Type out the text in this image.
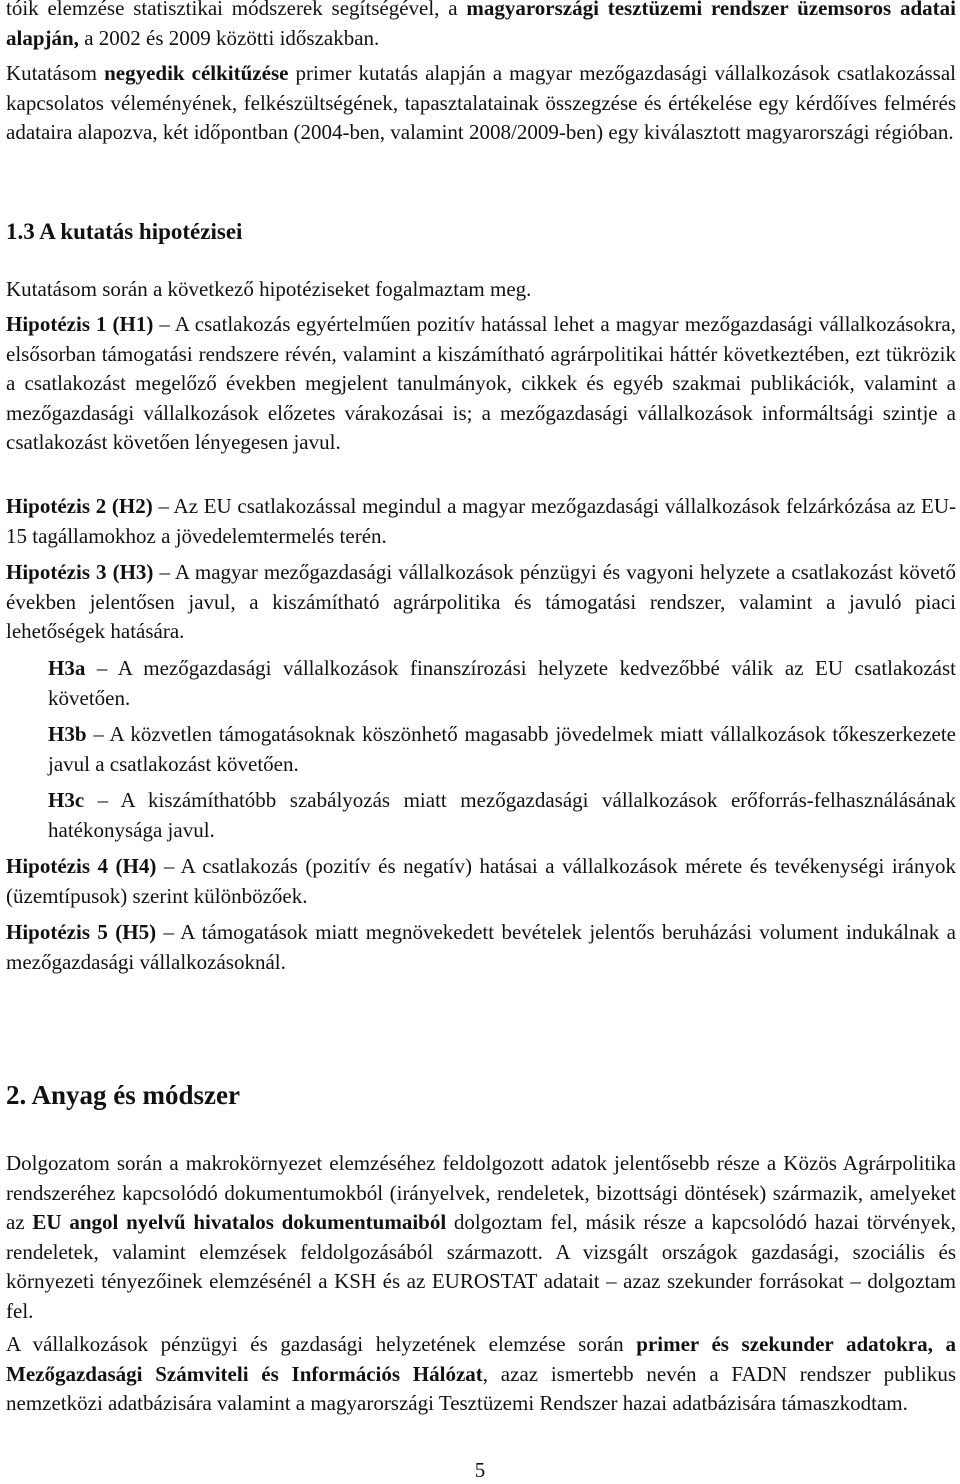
tóik elemzése statisztikai módszerek segítségével, a magyarországi tesztüzemi rendszer üzemsoros adatai alapján, a 2002 és 2009 közötti időszakban.

Kutatásom negyedik célkitűzése primer kutatás alapján a magyar mezőgazdasági vállalkozások csatlakozással kapcsolatos véleményének, felkészültségének, tapasztalatainak összegzése és értékelése egy kérdőíves felmérés adataira alapozva, két időpontban (2004-ben, valamint 2008/2009-ben) egy kiválasztott magyarországi régióban.

1.3 A kutatás hipotézisei

Kutatásom során a következő hipotéziseket fogalmaztam meg.

Hipotézis 1 (H1) – A csatlakozás egyértelműen pozitív hatással lehet a magyar mezőgazdasági vállalkozásokra, elsősorban támogatási rendszere révén, valamint a kiszámítható agrárpolitikai háttér következtében, ezt tükrözik a csatlakozást megelőző években megjelent tanulmányok, cikkek és egyéb szakmai publikációk, valamint a mezőgazdasági vállalkozások előzetes várakozásai is; a mezőgazdasági vállalkozások informáltsági szintje a csatlakozást követően lényegesen javul.

Hipotézis 2 (H2) – Az EU csatlakozással megindul a magyar mezőgazdasági vállalkozások felzárkózása az EU-15 tagállamokhoz a jövedelemtermelés terén.

Hipotézis 3 (H3) – A magyar mezőgazdasági vállalkozások pénzügyi és vagyoni helyzete a csatlakozást követő években jelentősen javul, a kiszámítható agrárpolitika és támogatási rendszer, valamint a javuló piaci lehetőségek hatására.

H3a – A mezőgazdasági vállalkozások finanszírozási helyzete kedvezőbbé válik az EU csatlakozást követően.

H3b – A közvetlen támogatásoknak köszönhető magasabb jövedelmek miatt vállalkozások tőkeszerkezete javul a csatlakozást követően.

H3c – A kiszámíthatóbb szabályozás miatt mezőgazdasági vállalkozások erőforrás-felhasználásának hatékonysága javul.

Hipotézis 4 (H4) – A csatlakozás (pozitív és negatív) hatásai a vállalkozások mérete és tevékenységi irányok (üzemtípusok) szerint különbözőek.

Hipotézis 5 (H5) – A támogatások miatt megnövekedett bevételek jelentős beruházási volument indukálnak a mezőgazdasági vállalkozásoknál.

2. Anyag és módszer

Dolgozatom során a makrokörnyezet elemzéséhez feldolgozott adatok jelentősebb része a Közös Agrárpolitika rendszeréhez kapcsolódó dokumentumokból (irányelvek, rendeletek, bizottsági döntések) származik, amelyeket az EU angol nyelvű hivatalos dokumentumaiból dolgoztam fel, másik része a kapcsolódó hazai törvények, rendeletek, valamint elemzések feldolgozásából származott. A vizsgált országok gazdasági, szociális és környezeti tényezőinek elemzésénél a KSH és az EUROSTAT adatait – azaz szekunder forrásokat – dolgoztam fel.

A vállalkozások pénzügyi és gazdasági helyzetének elemzése során primer és szekunder adatokra, a Mezőgazdasági Számviteli és Információs Hálózat, azaz ismertebb nevén a FADN rendszer publikus nemzetközi adatbázisára valamint a magyarországi Tesztüzemi Rendszer hazai adatbázisára támaszkodtam.

5
